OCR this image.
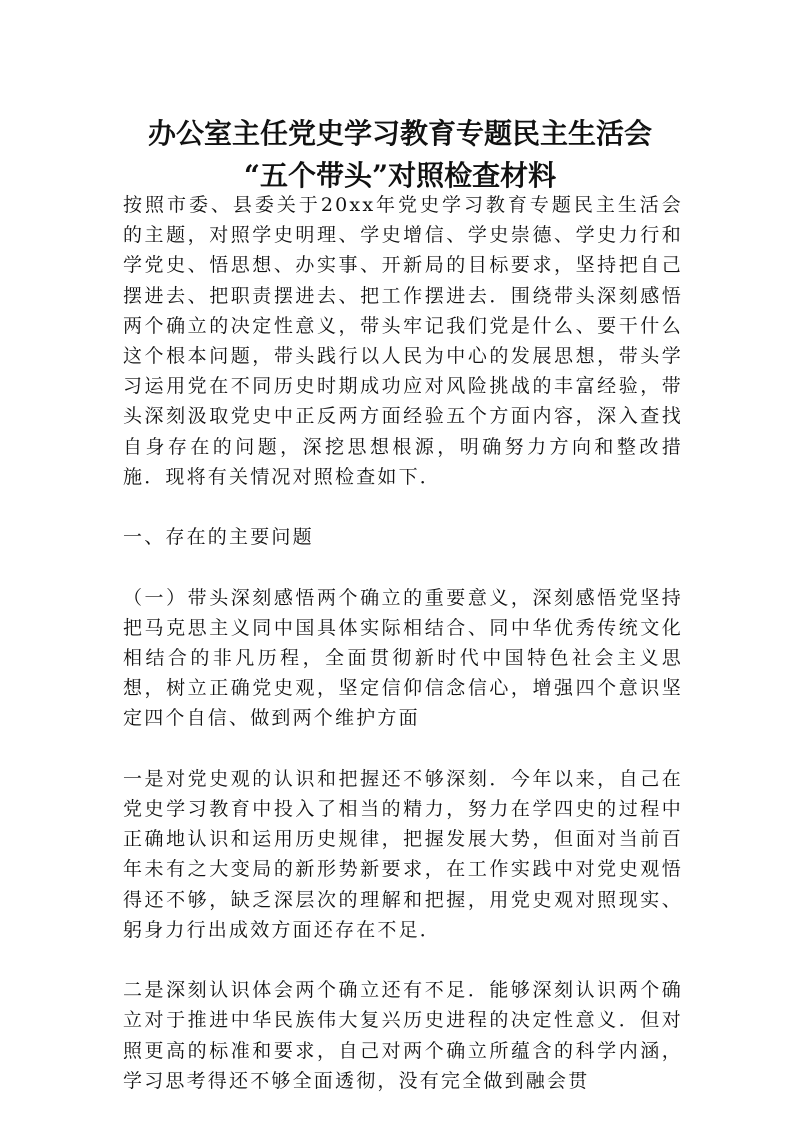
办公室主任党史学习教育专题民主生活会
“五个带头”对照检查材料

按照市委、县委关于20xx年党史学习教育专题民主生活会的主题，对照学史明理、学史增信、学史崇德、学史力行和学党史、悟思想、办实事、开新局的目标要求，坚持把自己摆进去、把职责摆进去、把工作摆进去．围绕带头深刻感悟两个确立的决定性意义，带头牢记我们党是什么、要干什么这个根本问题，带头践行以人民为中心的发展思想，带头学习运用党在不同历史时期成功应对风险挑战的丰富经验，带头深刻汲取党史中正反两方面经验五个方面内容，深入查找自身存在的问题，深挖思想根源，明确努力方向和整改措施．现将有关情况对照检查如下．

一、存在的主要问题

（一）带头深刻感悟两个确立的重要意义，深刻感悟党坚持把马克思主义同中国具体实际相结合、同中华优秀传统文化相结合的非凡历程，全面贯彻新时代中国特色社会主义思想，树立正确党史观，坚定信仰信念信心，增强四个意识坚定四个自信、做到两个维护方面

一是对党史观的认识和把握还不够深刻．今年以来，自己在党史学习教育中投入了相当的精力，努力在学四史的过程中正确地认识和运用历史规律，把握发展大势，但面对当前百年未有之大变局的新形势新要求，在工作实践中对党史观悟得还不够，缺乏深层次的理解和把握，用党史观对照现实、躬身力行出成效方面还存在不足．

二是深刻认识体会两个确立还有不足．能够深刻认识两个确立对于推进中华民族伟大复兴历史进程的决定性意义．但对照更高的标准和要求，自己对两个确立所蕴含的科学内涵，学习思考得还不够全面透彻，没有完全做到融会贯
